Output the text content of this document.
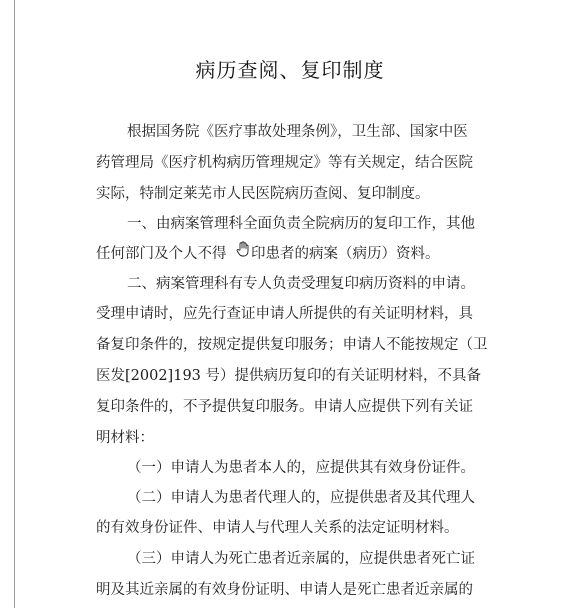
病历查阅、复印制度
根据国务院《医疗事故处理条例》，卫生部、国家中医
药管理局《医疗机构病历管理规定》等有关规定，结合医院
实际，特制定莱芜市人民医院病历查阅、复印制度。
一、由病案管理科全面负责全院病历的复印工作，其他
任何部门及个人不得 印患者的病案（病历）资料。
二、病案管理科有专人负责受理复印病历资料的申请。
受理申请时，应先行查证申请人所提供的有关证明材料，具
备复印条件的，按规定提供复印服务；申请人不能按规定（卫
医发[2002]193 号）提供病历复印的有关证明材料，不具备
复印条件的，不予提供复印服务。申请人应提供下列有关证
明材料：
（一）申请人为患者本人的，应提供其有效身份证件。
（二）申请人为患者代理人的，应提供患者及其代理人
的有效身份证件、申请人与代理人关系的法定证明材料。
（三）申请人为死亡患者近亲属的，应提供患者死亡证
明及其近亲属的有效身份证明、申请人是死亡患者近亲属的
